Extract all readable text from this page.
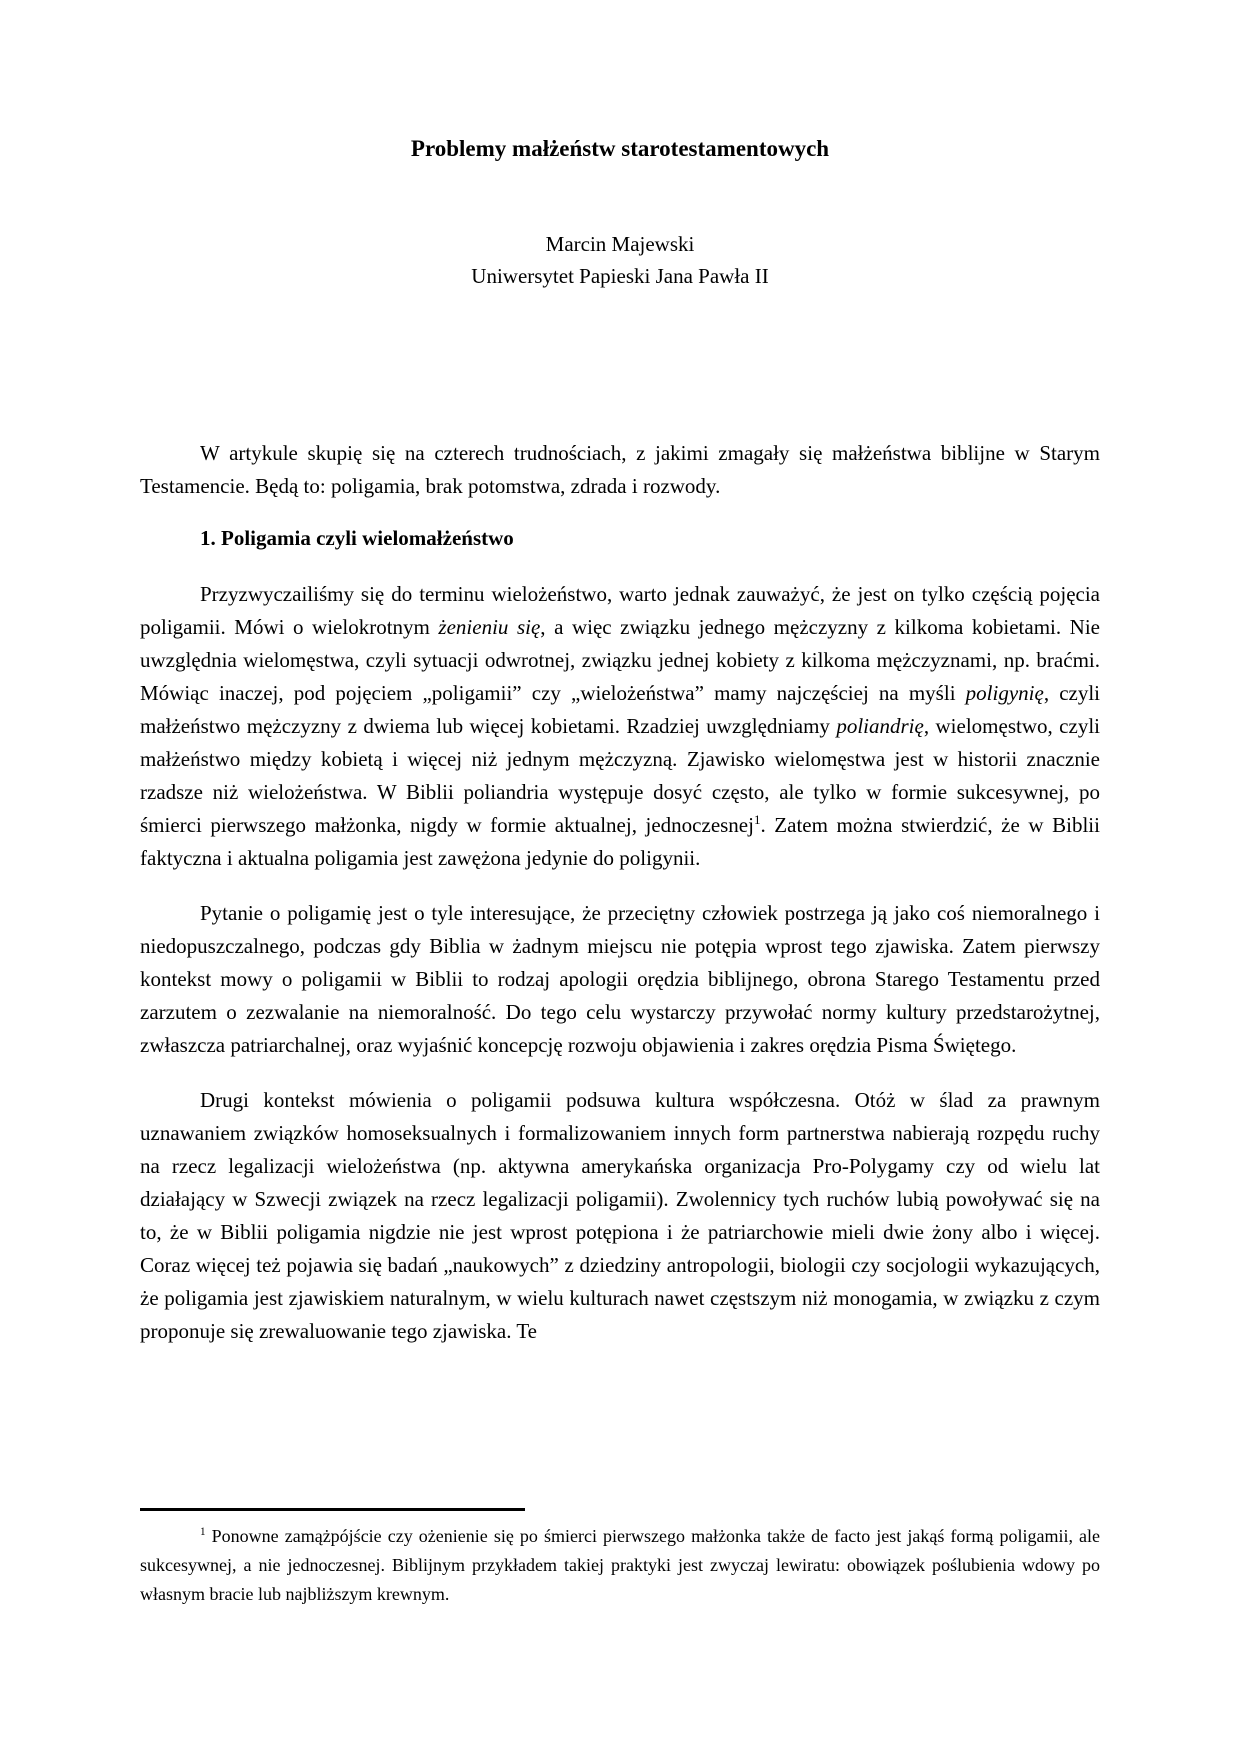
Problemy małżeństw starotestamentowych

Marcin Majewski

Uniwersytet Papieski Jana Pawła II

W artykule skupię się na czterech trudnościach, z jakimi zmagały się małżeństwa biblijne w Starym Testamencie. Będą to: poligamia, brak potomstwa, zdrada i rozwody.

1. Poligamia czyli wielomałżeństwo

Przyzwyczailiśmy się do terminu wielożeństwo, warto jednak zauważyć, że jest on tylko częścią pojęcia poligamii. Mówi o wielokrotnym żenieniu się, a więc związku jednego mężczyzny z kilkoma kobietami. Nie uwzględnia wielomęstwa, czyli sytuacji odwrotnej, związku jednej kobiety z kilkoma mężczyznami, np. braćmi. Mówiąc inaczej, pod pojęciem „poligamii” czy „wielożeństwa” mamy najczęściej na myśli poligynię, czyli małżeństwo mężczyzny z dwiema lub więcej kobietami. Rzadziej uwzględniamy poliandrię, wielomęstwo, czyli małżeństwo między kobietą i więcej niż jednym mężczyzną. Zjawisko wielomęstwa jest w historii znacznie rzadsze niż wielożeństwa. W Biblii poliandria występuje dosyć często, ale tylko w formie sukcesywnej, po śmierci pierwszego małżonka, nigdy w formie aktualnej, jednoczesnej$^1$. Zatem można stwierdzić, że w Biblii faktyczna i aktualna poligamia jest zawężona jedynie do poligynii.

Pytanie o poligamię jest o tyle interesujące, że przeciętny człowiek postrzega ją jako coś niemoralnego i niedopuszczalnego, podczas gdy Biblia w żadnym miejscu nie potępia wprost tego zjawiska. Zatem pierwszy kontekst mowy o poligamii w Biblii to rodzaj apologii orędzia biblijnego, obrona Starego Testamentu przed zarzutem o zezwalanie na niemoralność. Do tego celu wystarczy przywołać normy kultury przedstarożytnej, zwłaszcza patriarchalnej, oraz wyjaśnić koncepcję rozwoju objawienia i zakres orędzia Pisma Świętego.

Drugi kontekst mówienia o poligamii podsuwa kultura współczesna. Otóż w ślad za prawnym uznawaniem związków homoseksualnych i formalizowaniem innych form partnerstwa nabierają rozpędu ruchy na rzecz legalizacji wielożeństwa (np. aktywna amerykańska organizacja Pro-Polygamy czy od wielu lat działający w Szwecji związek na rzecz legalizacji poligamii). Zwolennicy tych ruchów lubią powoływać się na to, że w Biblii poligamia nigdzie nie jest wprost potępiona i że patriarchowie mieli dwie żony albo i więcej. Coraz więcej też pojawia się badań „naukowych” z dziedziny antropologii, biologii czy socjologii wykazujących, że poligamia jest zjawiskiem naturalnym, w wielu kulturach nawet częstszym niż monogamia, w związku z czym proponuje się zrewaluowanie tego zjawiska. Te

$^1$ Ponowne zamążpójście czy ożenienie się po śmierci pierwszego małżonka także de facto jest jakąś formą poligamii, ale sukcesywnej, a nie jednoczesnej. Biblijnym przykładem takiej praktyki jest zwyczaj lewiratu: obowiązek poślubienia wdowy po własnym bracie lub najbliższym krewnym.
